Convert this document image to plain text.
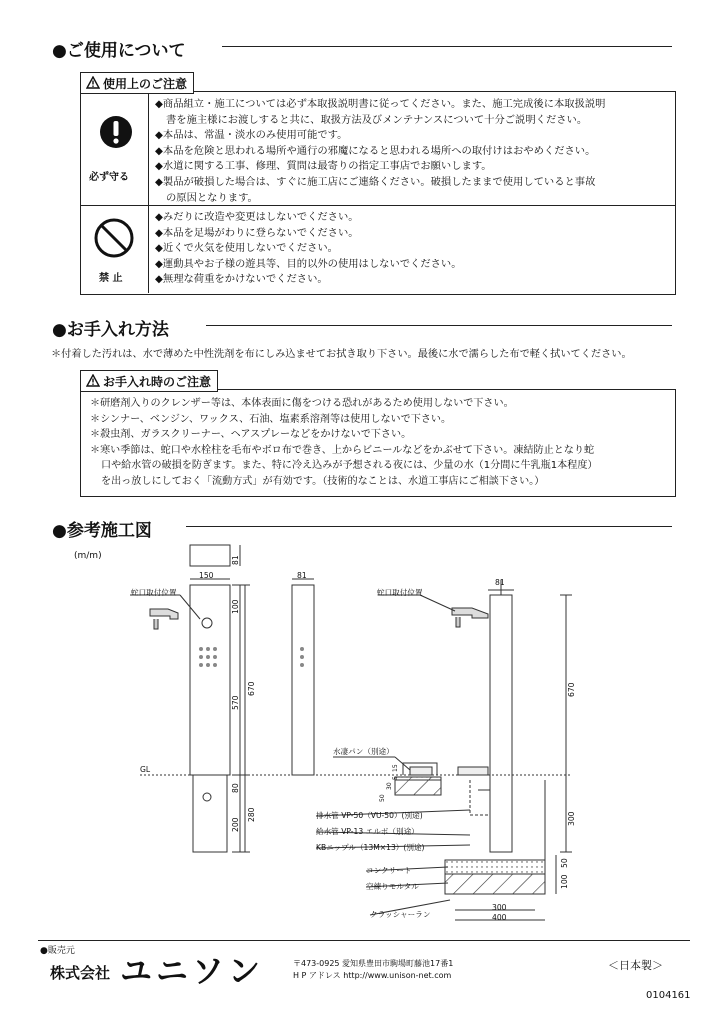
●ご使用について
使用上のご注意
必ず守る
◆商品組立・施工については必ず本取扱説明書に従ってください。また、施工完成後に本取扱説明
書を施主様にお渡しすると共に、取扱方法及びメンテナンスについて十分ご説明ください。
◆本品は、常温・淡水のみ使用可能です。
◆本品を危険と思われる場所や通行の邪魔になると思われる場所への取付けはおやめください。
◆水道に関する工事、修理、質問は最寄りの指定工事店でお願いします。
◆製品が破損した場合は、すぐに施工店にご連絡ください。破損したままで使用していると事故
の原因となります。
禁 止
◆みだりに改造や変更はしないでください。
◆本品を足場がわりに登らないでください。
◆近くで火気を使用しないでください。
◆運動具やお子様の遊具等、目的以外の使用はしないでください。
◆無理な荷重をかけないでください。
●お手入れ方法
＊付着した汚れは、水で薄めた中性洗剤を布にしみ込ませてお拭き取り下さい。最後に水で濡らした布で軽く拭いてください。
お手入れ時のご注意
＊研磨剤入りのクレンザー等は、本体表面に傷をつける恐れがあるため使用しないで下さい。
＊シンナー、ベンジン、ワックス、石油、塩素系溶剤等は使用しないで下さい。
＊殺虫剤、ガラスクリーナー、ヘアスプレーなどをかけないで下さい。
＊寒い季節は、蛇口や水栓柱を毛布やボロ布で巻き、上からビニールなどをかぶせて下さい。凍結防止となり蛇
口や給水管の破損を防ぎます。また、特に冷え込みが予想される夜には、少量の水（1分間に牛乳瓶1本程度）
を出っ放しにしておく「流動方式」が有効です。（技術的なことは、水道工事店にご相談下さい。）
●参考施工図
(m/m)
蛇口取付位置	蛇口取付位置
GL
水凄パン（別途）
排水管 VP-50（VU-50）(別途)
給水管 VP-13 エルボ（別途）
KBニップル（13M×13）(別途)
コンクリート
空練りモルタル
クラッシャーラン
150	81
81
300
400
81
100
570
670
80
200
280
670
300
50
100
50
30
5
15
●販売元
株式会社 ユニソン	〒473-0925 愛知県豊田市駒場町藤池17番1
H P アドレス http://www.unison-net.com
＜日本製＞
0104161
